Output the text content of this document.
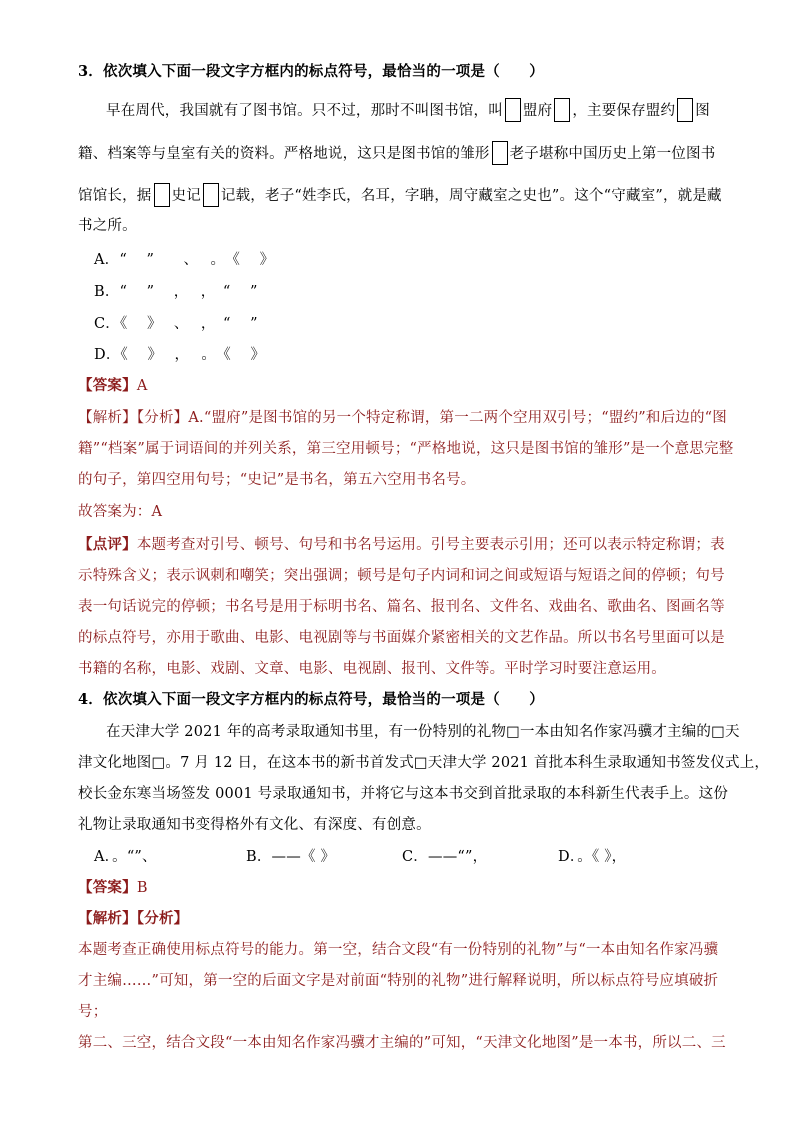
3．依次填入下面一段文字方框内的标点符号，最恰当的一项是（　　）
早在周代，我国就有了图书馆。只不过，那时不叫图书馆，叫 盟府 ，主要保存盟约 图
籍、档案等与皇室有关的资料。严格地说，这只是图书馆的雏形 老子堪称中国历史上第一位图书
馆馆长，据 史记 记载，老子“姓李氏，名耳，字聃，周守藏室之史也”。这个“守藏室”，就是藏
书之所。
A．“　 ”　　、　 。　《　 》
B．“　 ”　 ，　 ，　“　 ”
C．《　 》　 、　 ，　“　 ”
D．《　 》　 ，　 。　《　 》
【答案】A
【解析】【分析】A.“盟府”是图书馆的另一个特定称谓，第一二两个空用双引号；“盟约”和后边的“图
籍”“档案”属于词语间的并列关系，第三空用顿号；“严格地说，这只是图书馆的雏形”是一个意思完整
的句子，第四空用句号；“史记”是书名，第五六空用书名号。
故答案为：A
【点评】本题考查对引号、顿号、句号和书名号运用。引号主要表示引用；还可以表示特定称谓；表
示特殊含义；表示讽刺和嘲笑；突出强调；顿号是句子内词和词之间或短语与短语之间的停顿；句号
表一句话说完的停顿；书名号是用于标明书名、篇名、报刊名、文件名、戏曲名、歌曲名、图画名等
的标点符号，亦用于歌曲、电影、电视剧等与书面媒介紧密相关的文艺作品。所以书名号里面可以是
书籍的名称，电影、戏剧、文章、电影、电视剧、报刊、文件等。平时学习时要注意运用。
4．依次填入下面一段文字方框内的标点符号，最恰当的一项是（　　）
在天津大学 2021 年的高考录取通知书里，有一份特别的礼物□一本由知名作家冯骥才主编的□天
津文化地图□。7 月 12 日，在这本书的新书首发式□天津大学 2021 首批本科生录取通知书签发仪式上，
校长金东寒当场签发 0001 号录取通知书，并将它与这本书交到首批录取的本科新生代表手上。这份
礼物让录取通知书变得格外有文化、有深度、有创意。
A．。“”、	B．——《 》	C．——“”，	D．。《 》，
【答案】B
【解析】【分析】
本题考查正确使用标点符号的能力。第一空，结合文段“有一份特别的礼物”与“一本由知名作家冯骥
才主编……”可知，第一空的后面文字是对前面“特别的礼物”进行解释说明，所以标点符号应填破折
号；
第二、三空，结合文段“一本由知名作家冯骥才主编的”可知，“天津文化地图”是一本书，所以二、三
